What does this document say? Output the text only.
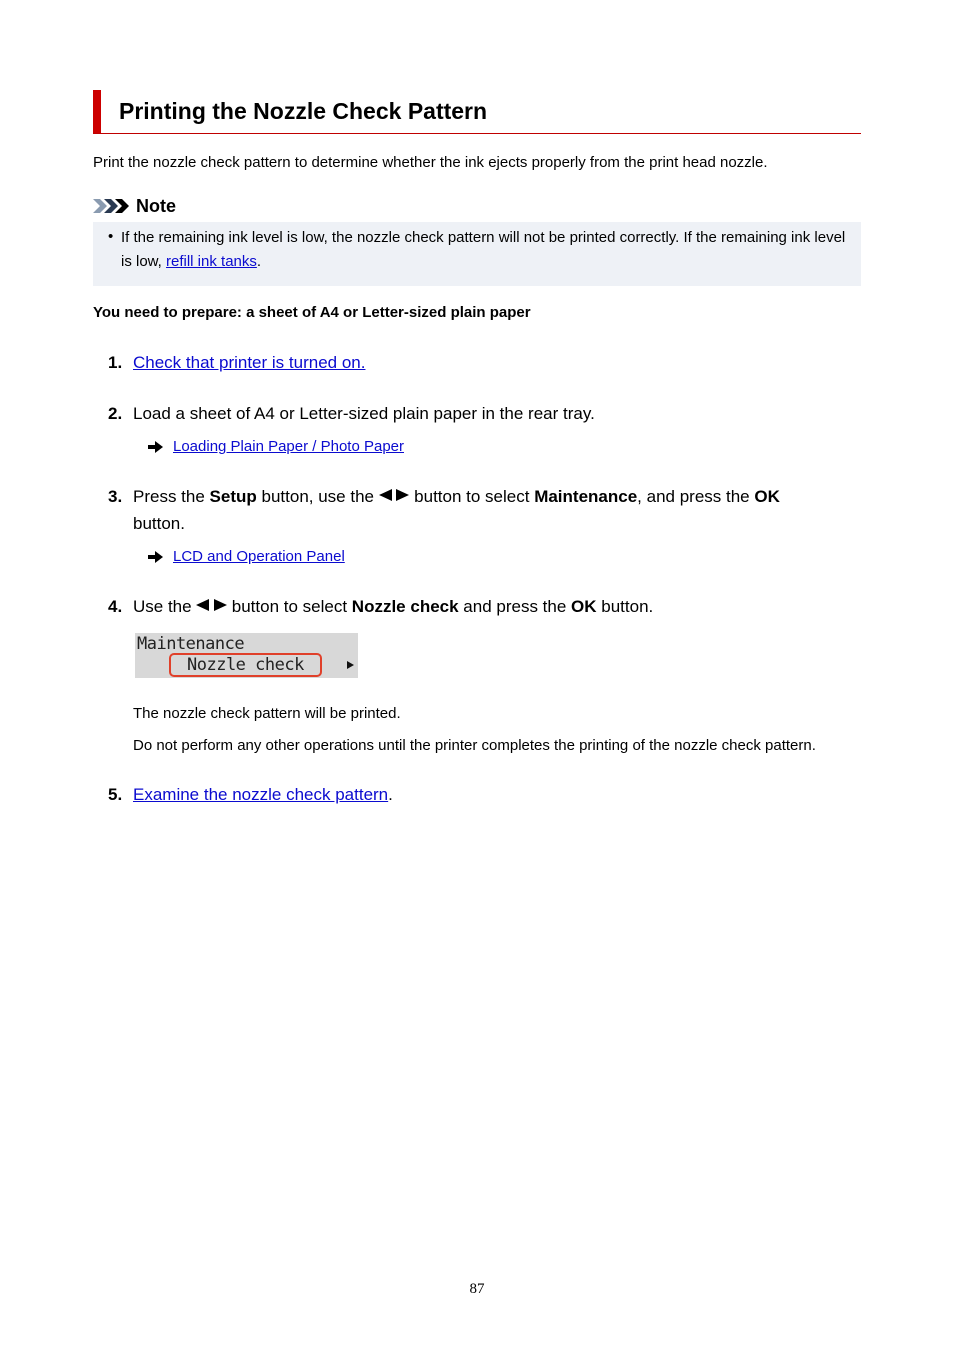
Printing the Nozzle Check Pattern
Print the nozzle check pattern to determine whether the ink ejects properly from the print head nozzle.
Note
• If the remaining ink level is low, the nozzle check pattern will not be printed correctly. If the remaining ink level is low, refill ink tanks.
You need to prepare: a sheet of A4 or Letter-sized plain paper
1. Check that printer is turned on.
2. Load a sheet of A4 or Letter-sized plain paper in the rear tray.
Loading Plain Paper / Photo Paper
3. Press the Setup button, use the   button to select Maintenance, and press the OK
button.
LCD and Operation Panel
4. Use the   button to select Nozzle check and press the OK button.
Maintenance
Nozzle check
The nozzle check pattern will be printed.
Do not perform any other operations until the printer completes the printing of the nozzle check pattern.
5. Examine the nozzle check pattern.
87
